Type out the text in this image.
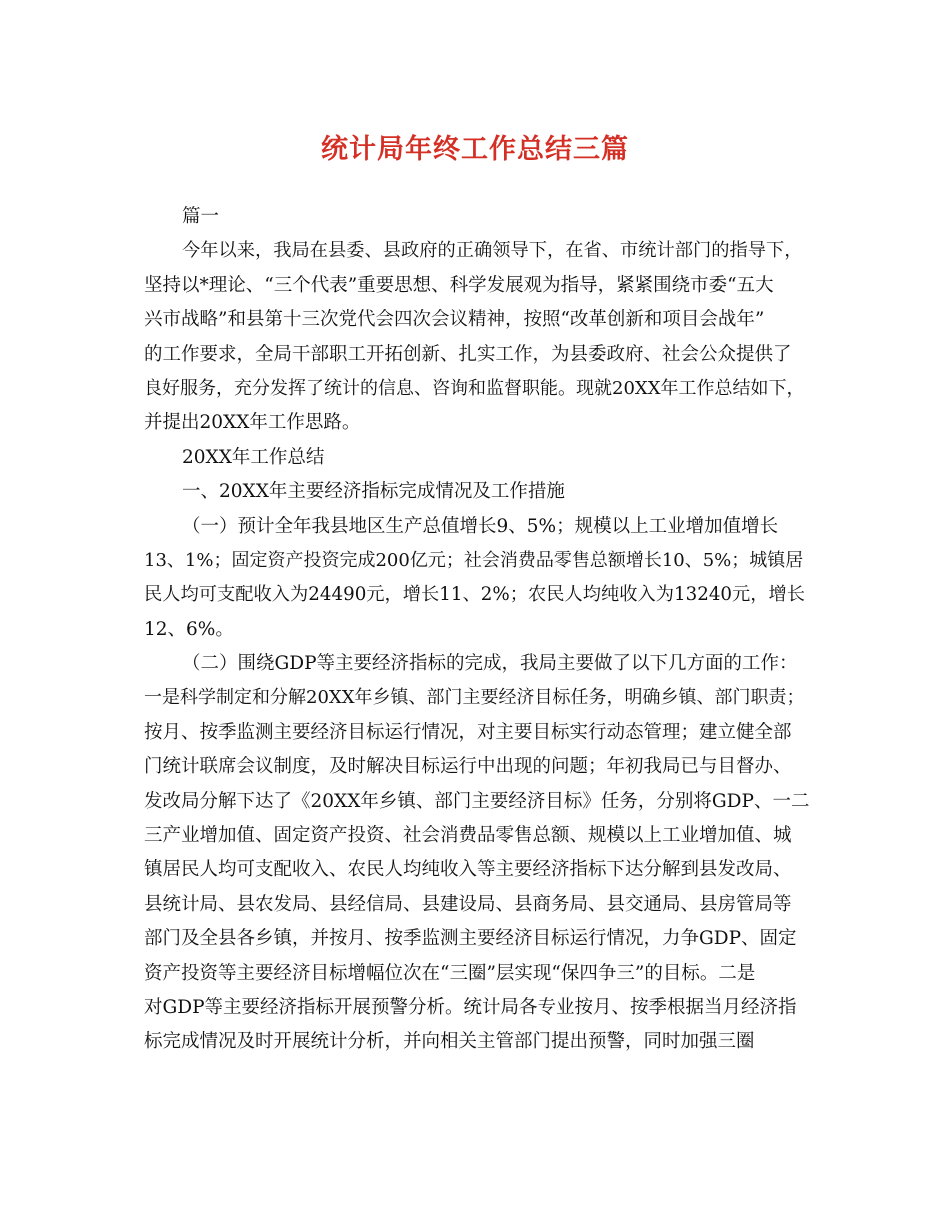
统计局年终工作总结三篇
篇一
今年以来，我局在县委、县政府的正确领导下，在省、市统计部门的指导下，
坚持以*理论、“三个代表”重要思想、科学发展观为指导，紧紧围绕市委“五大
兴市战略”和县第十三次党代会四次会议精神，按照“改革创新和项目会战年”
的工作要求，全局干部职工开拓创新、扎实工作，为县委政府、社会公众提供了
良好服务，充分发挥了统计的信息、咨询和监督职能。现就20XX年工作总结如下，
并提出20XX年工作思路。
20XX年工作总结
一、20XX年主要经济指标完成情况及工作措施
（一）预计全年我县地区生产总值增长9、5%；规模以上工业增加值增长
13、1%；固定资产投资完成200亿元；社会消费品零售总额增长10、5%；城镇居
民人均可支配收入为24490元，增长11、2%；农民人均纯收入为13240元，增长
12、6%。
（二）围绕GDP等主要经济指标的完成，我局主要做了以下几方面的工作：
一是科学制定和分解20XX年乡镇、部门主要经济目标任务，明确乡镇、部门职责；
按月、按季监测主要经济目标运行情况，对主要目标实行动态管理；建立健全部
门统计联席会议制度，及时解决目标运行中出现的问题；年初我局已与目督办、
发改局分解下达了《20XX年乡镇、部门主要经济目标》任务，分别将GDP、一二
三产业增加值、固定资产投资、社会消费品零售总额、规模以上工业增加值、城
镇居民人均可支配收入、农民人均纯收入等主要经济指标下达分解到县发改局、
县统计局、县农发局、县经信局、县建设局、县商务局、县交通局、县房管局等
部门及全县各乡镇，并按月、按季监测主要经济目标运行情况，力争GDP、固定
资产投资等主要经济目标增幅位次在“三圈”层实现“保四争三”的目标。二是
对GDP等主要经济指标开展预警分析。统计局各专业按月、按季根据当月经济指
标完成情况及时开展统计分析，并向相关主管部门提出预警，同时加强三圈
